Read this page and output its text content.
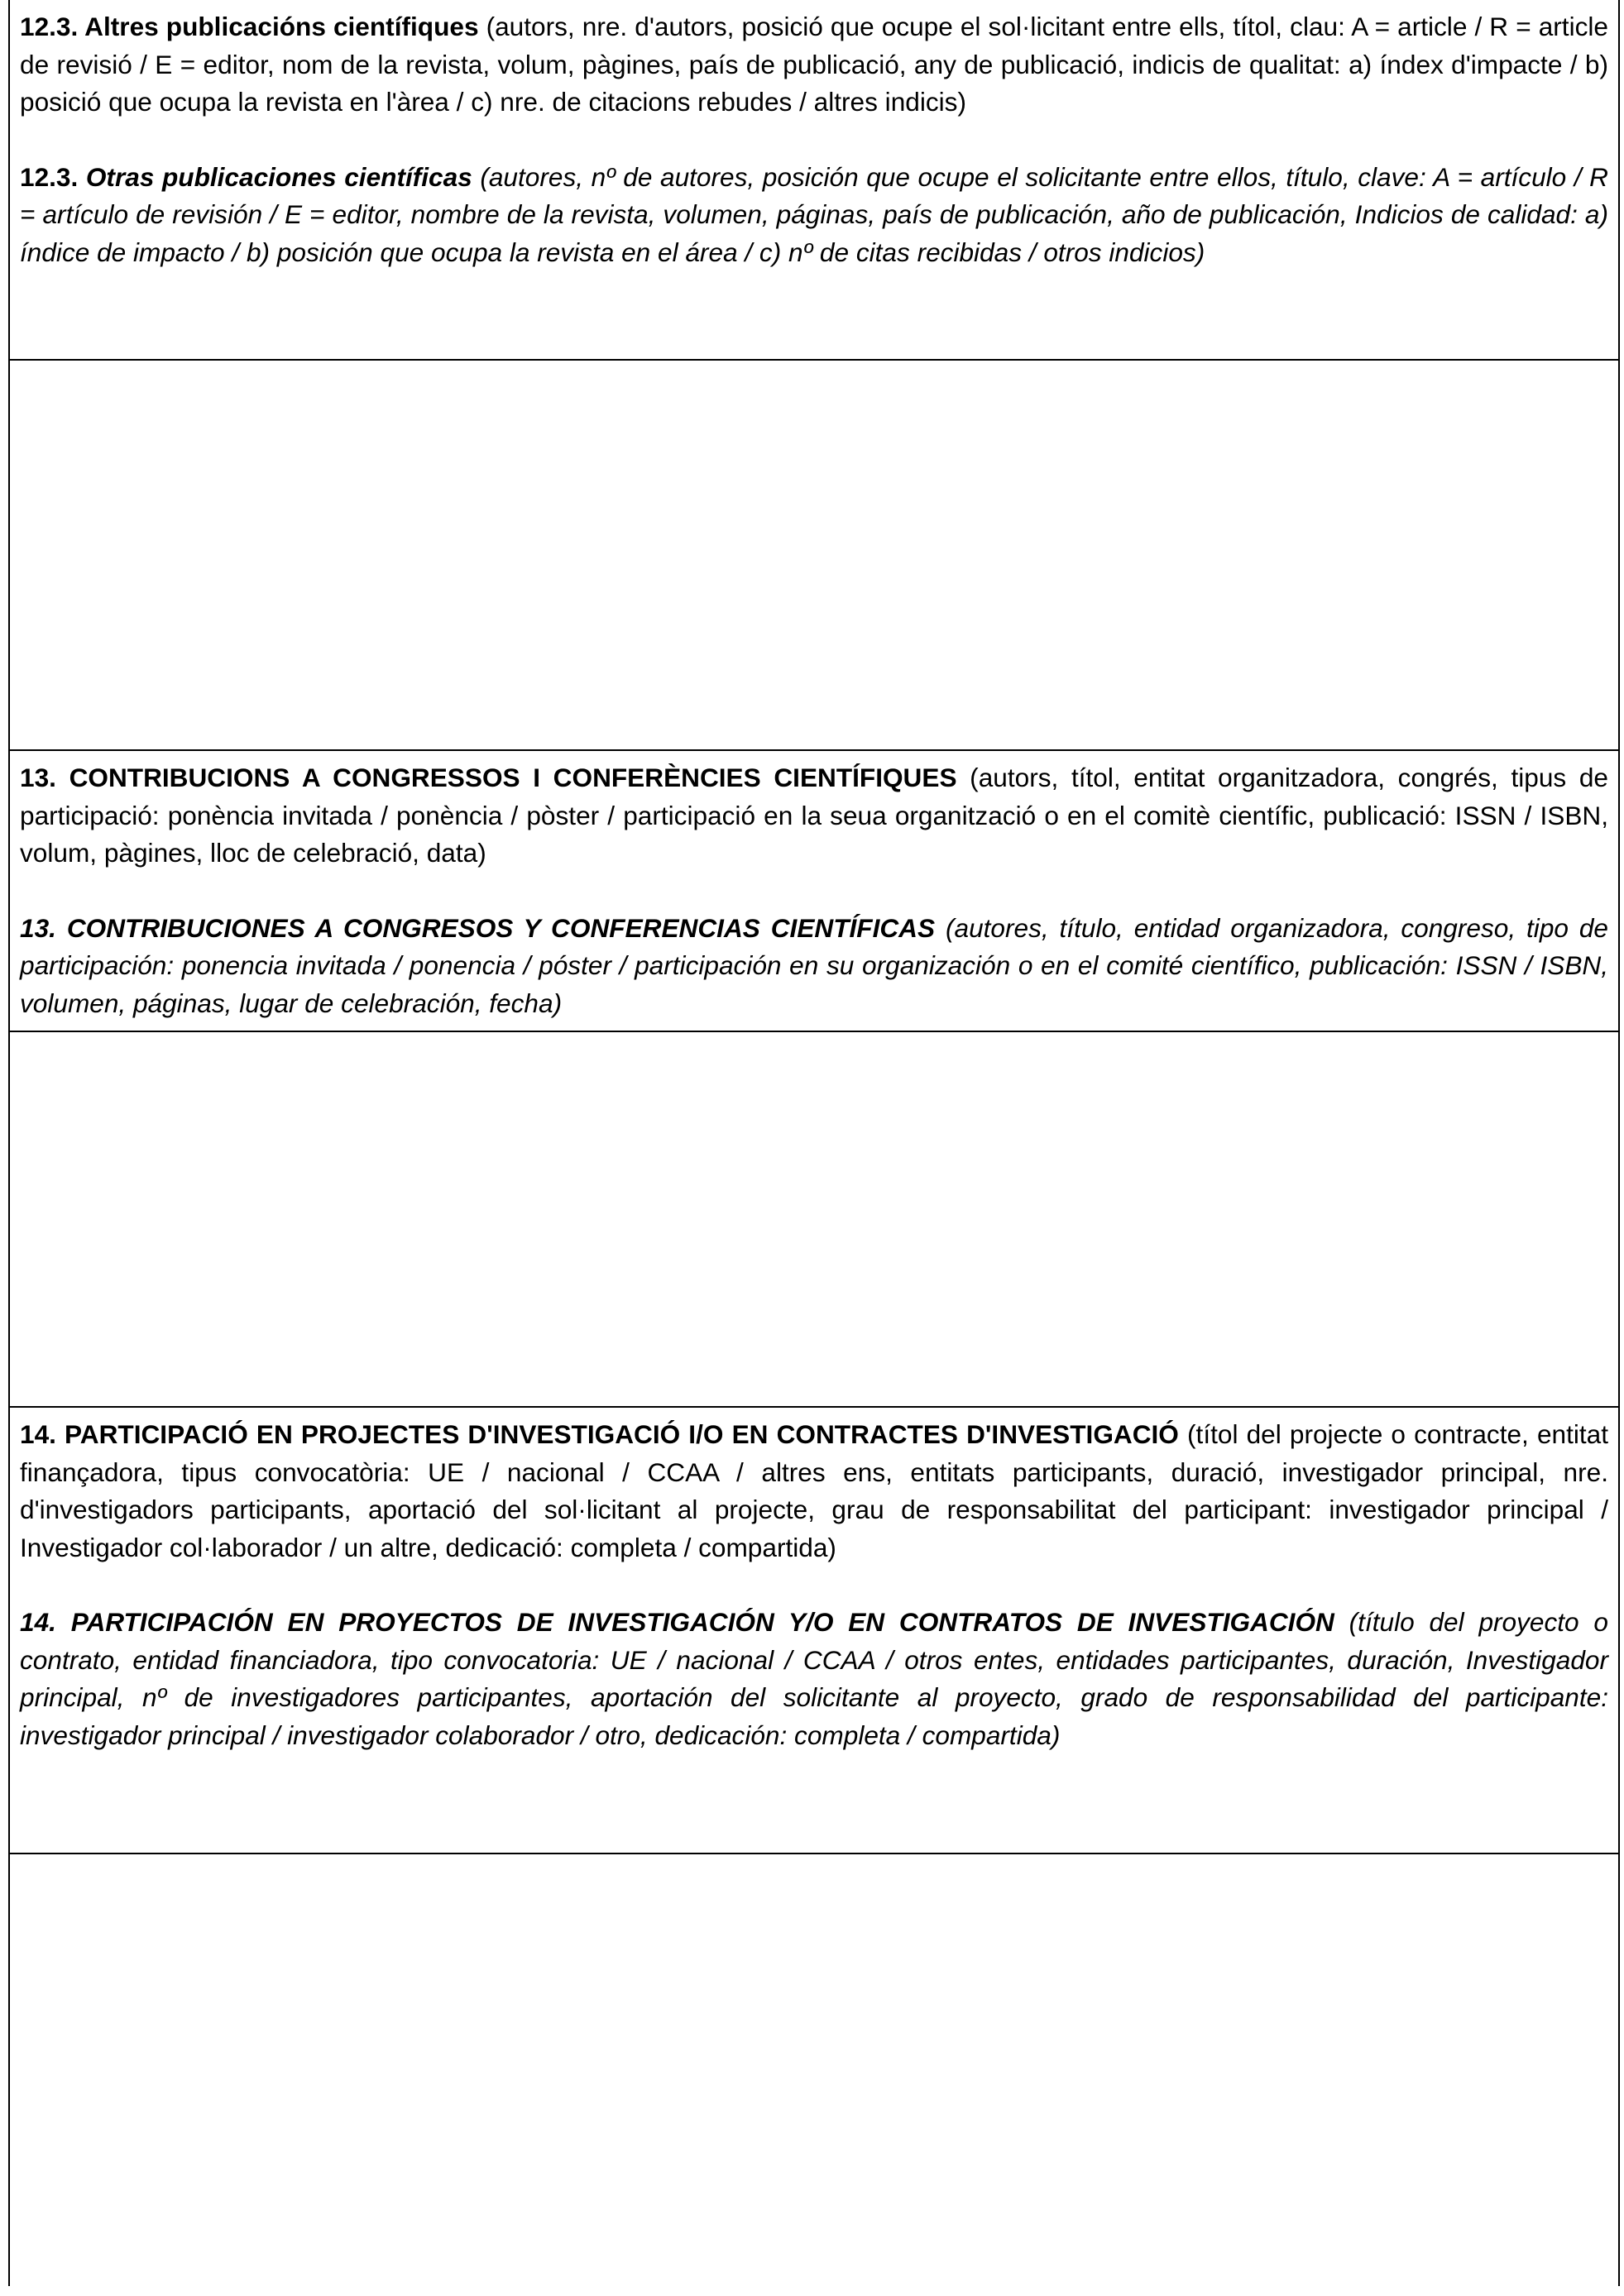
12.3. Altres publicacións científiques (autors, nre. d'autors, posició que ocupe el sol·licitant entre ells, títol, clau: A = article / R = article de revisió / E = editor, nom de la revista, volum, pàgines, país de publicació, any de publicació, indicis de qualitat: a) índex d'impacte / b) posició que ocupa la revista en l'àrea / c) nre. de citacions rebudes / altres indicis)

12.3. Otras publicaciones científicas (autores, nº de autores, posición que ocupe el solicitante entre ellos, título, clave: A = artículo / R = artículo de revisión / E = editor, nombre de la revista, volumen, páginas, país de publicación, año de publicación, Indicios de calidad: a) índice de impacto / b) posición que ocupa la revista en el área / c) nº de citas recibidas / otros indicios)

13. CONTRIBUCIONS A CONGRESSOS I CONFERÈNCIES CIENTÍFIQUES (autors, títol, entitat organitzadora, congrés, tipus de participació: ponència invitada / ponència / pòster / participació en la seua organització o en el comitè científic, publicació: ISSN / ISBN, volum, pàgines, lloc de celebració, data)

13. CONTRIBUCIONES A CONGRESOS Y CONFERENCIAS CIENTÍFICAS (autores, título, entidad organizadora, congreso, tipo de participación: ponencia invitada / ponencia / póster / participación en su organización o en el comité científico, publicación: ISSN / ISBN, volumen, páginas, lugar de celebración, fecha)

14. PARTICIPACIÓ EN PROJECTES D'INVESTIGACIÓ I/O EN CONTRACTES D'INVESTIGACIÓ (títol del projecte o contracte, entitat finançadora, tipus convocatòria: UE / nacional / CCAA / altres ens, entitats participants, duració, investigador principal, nre. d'investigadors participants, aportació del sol·licitant al projecte, grau de responsabilitat del participant: investigador principal / Investigador col·laborador / un altre, dedicació: completa / compartida)

14. PARTICIPACIÓN EN PROYECTOS DE INVESTIGACIÓN Y/O EN CONTRATOS DE INVESTIGACIÓN (título del proyecto o contrato, entidad financiadora, tipo convocatoria: UE / nacional / CCAA / otros entes, entidades participantes, duración, Investigador principal, nº de investigadores participantes, aportación del solicitante al proyecto, grado de responsabilidad del participante: investigador principal / investigador colaborador / otro, dedicación: completa / compartida)
